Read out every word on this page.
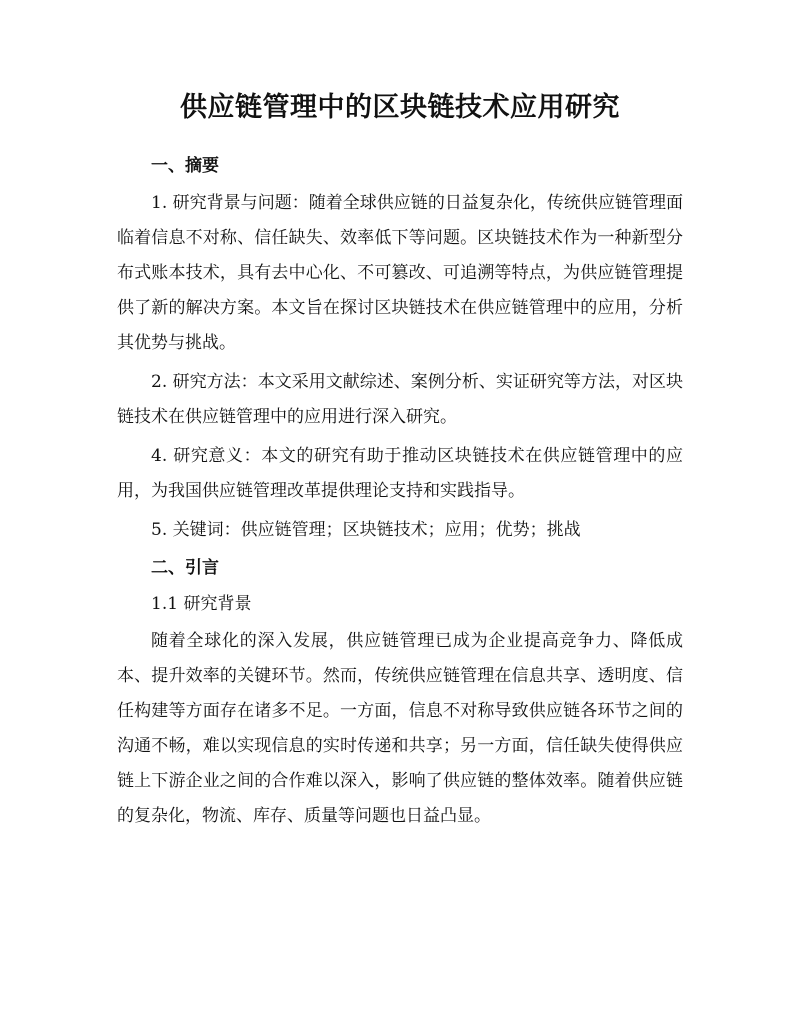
供应链管理中的区块链技术应用研究
一、摘要

1. 研究背景与问题：随着全球供应链的日益复杂化，传统供应链管理面临着信息不对称、信任缺失、效率低下等问题。区块链技术作为一种新型分布式账本技术，具有去中心化、不可篡改、可追溯等特点，为供应链管理提供了新的解决方案。本文旨在探讨区块链技术在供应链管理中的应用，分析其优势与挑战。

2. 研究方法：本文采用文献综述、案例分析、实证研究等方法，对区块链技术在供应链管理中的应用进行深入研究。

4. 研究意义：本文的研究有助于推动区块链技术在供应链管理中的应用，为我国供应链管理改革提供理论支持和实践指导。

5. 关键词：供应链管理；区块链技术；应用；优势；挑战

二、引言
1.1 研究背景

随着全球化的深入发展，供应链管理已成为企业提高竞争力、降低成本、提升效率的关键环节。然而，传统供应链管理在信息共享、透明度、信任构建等方面存在诸多不足。一方面，信息不对称导致供应链各环节之间的沟通不畅，难以实现信息的实时传递和共享；另一方面，信任缺失使得供应链上下游企业之间的合作难以深入，影响了供应链的整体效率。随着供应链的复杂化，物流、库存、质量等问题也日益凸显。
